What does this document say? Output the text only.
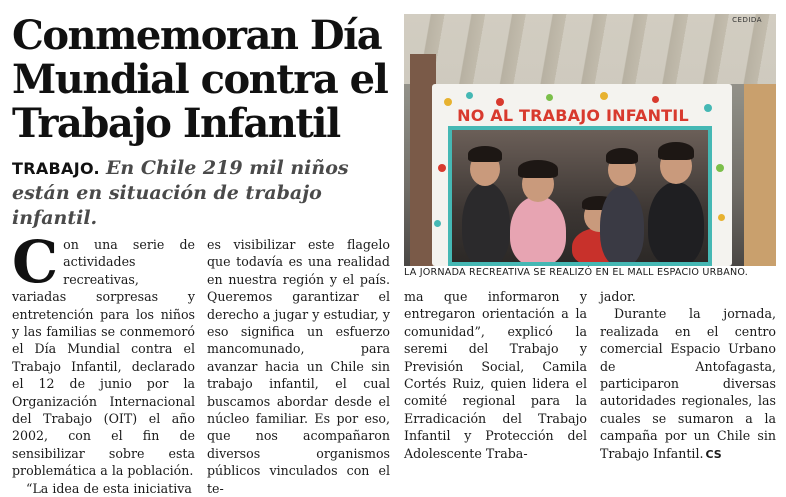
Conmemoran Día Mundial contra el Trabajo Infantil
TRABAJO. En Chile 219 mil niños están en situación de trabajo infantil.

Con una serie de actividades recreativas, variadas sorpresas y entretención para los niños y las familias se conmemoró el Día Mundial contra el Trabajo Infantil, declarado el 12 de junio por la Organización Internacional del Trabajo (OIT) el año 2002, con el fin de sensibilizar sobre esta problemática a la población.

“La idea de esta iniciativa

es visibilizar este flagelo que todavía es una realidad en nuestra región y el país. Queremos garantizar el derecho a jugar y estudiar, y eso significa un esfuerzo mancomunado, para avanzar hacia un Chile sin trabajo infantil, el cual buscamos abordar desde el núcleo familiar. Es por eso, que nos acompañaron diversos organismos públicos vinculados con el te-

ma que informaron y entregaron orientación a la comunidad”, explicó la seremi del Trabajo y Previsión Social, Camila Cortés Ruiz, quien lidera el comité regional para la Erradicación del Trabajo Infantil y Protección del Adolescente Traba-

jador.

Durante la jornada, realizada en el centro comercial Espacio Urbano de Antofagasta, participaron diversas autoridades regionales, las cuales se sumaron a la campaña por un Chile sin Trabajo Infantil. CS

NO AL TRABAJO INFANTIL

CEDIDA

LA JORNADA RECREATIVA SE REALIZÓ EN EL MALL ESPACIO URBANO.
